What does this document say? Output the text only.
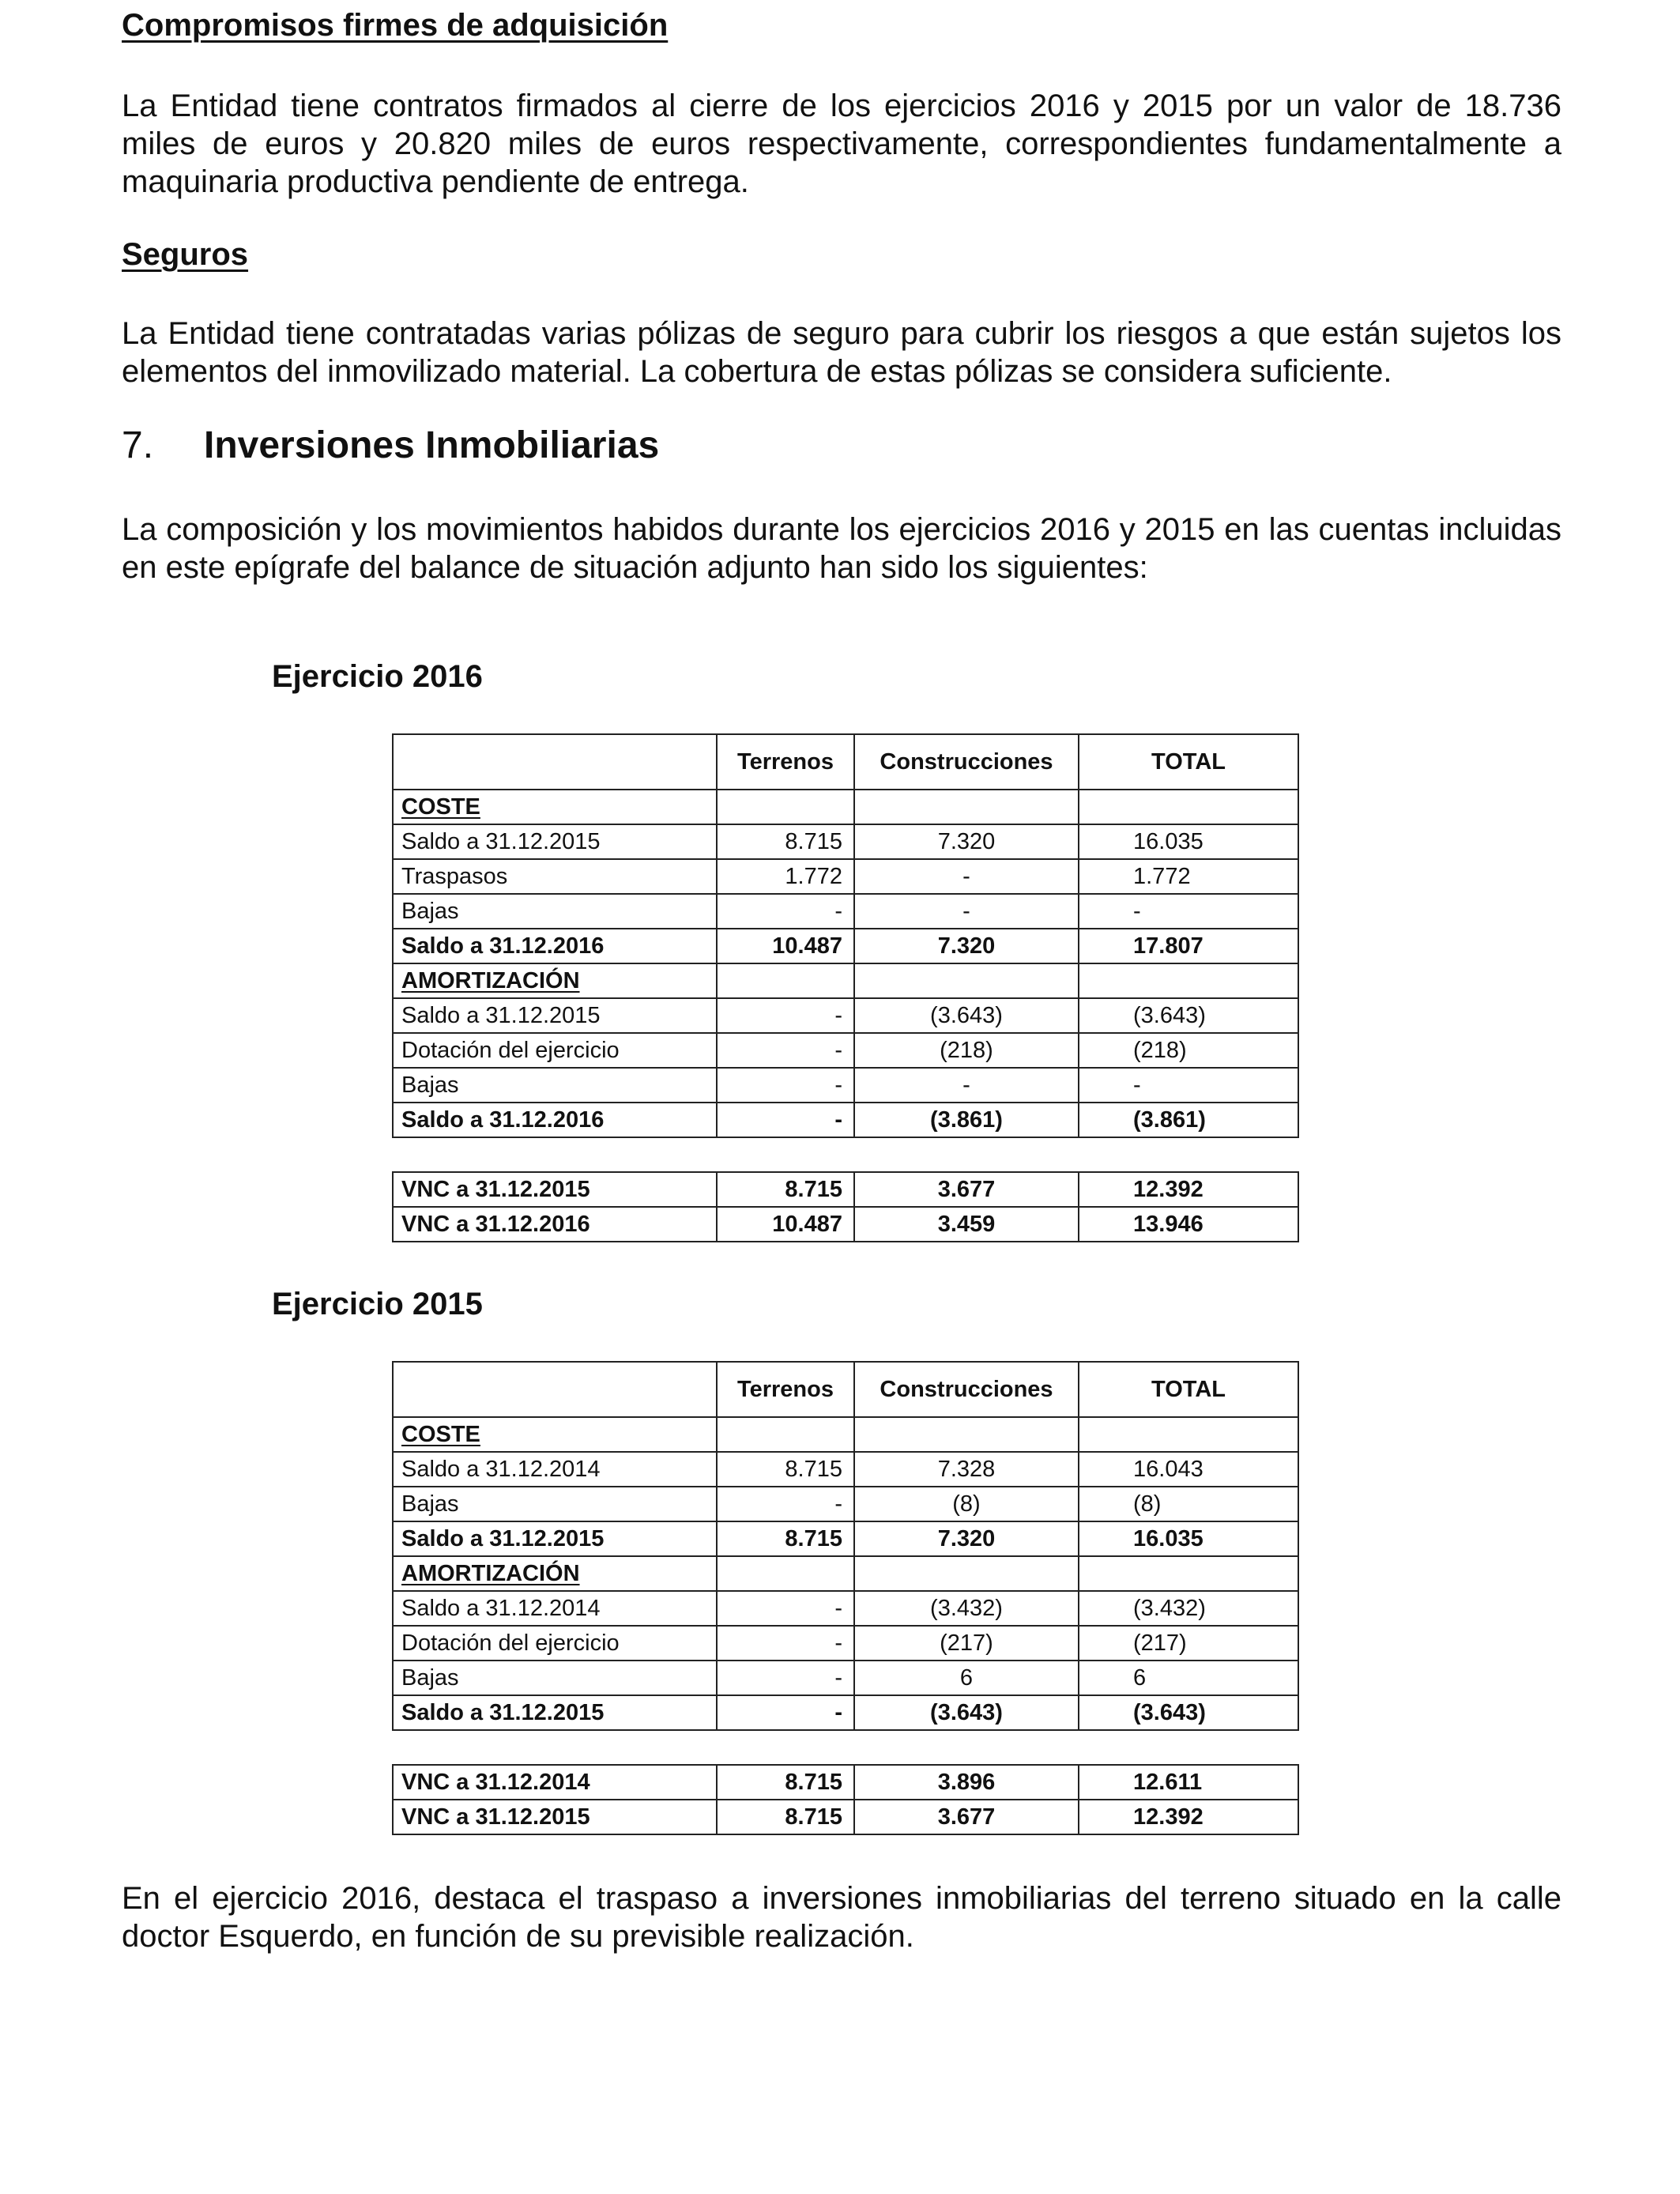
Compromisos firmes de adquisición

La Entidad tiene contratos firmados al cierre de los ejercicios 2016 y 2015 por un valor de 18.736 miles de euros y 20.820 miles de euros respectivamente, correspondientes fundamentalmente a maquinaria productiva pendiente de entrega.

Seguros

La Entidad tiene contratadas varias pólizas de seguro para cubrir los riesgos a que están sujetos los elementos del inmovilizado material. La cobertura de estas pólizas se considera suficiente.

7.	Inversiones Inmobiliarias

La composición y los movimientos habidos durante los ejercicios 2016 y 2015 en las cuentas incluidas en este epígrafe del balance de situación adjunto han sido los siguientes:

Ejercicio 2016
	Terrenos	Construcciones	TOTAL
COSTE			
Saldo a 31.12.2015	8.715	7.320	16.035
Traspasos	1.772	-	1.772
Bajas	-	-	-
Saldo a 31.12.2016	10.487	7.320	17.807
AMORTIZACIÓN			
Saldo a 31.12.2015	-	(3.643)	(3.643)
Dotación del ejercicio	-	(218)	(218)
Bajas	-	-	-
Saldo a 31.12.2016	-	(3.861)	(3.861)

VNC a 31.12.2015	8.715	3.677	12.392
VNC a 31.12.2016	10.487	3.459	13.946
Ejercicio 2015
	Terrenos	Construcciones	TOTAL
COSTE			
Saldo a 31.12.2014	8.715	7.328	16.043
Bajas	-	(8)	(8)
Saldo a 31.12.2015	8.715	7.320	16.035
AMORTIZACIÓN			
Saldo a 31.12.2014	-	(3.432)	(3.432)
Dotación del ejercicio	-	(217)	(217)
Bajas	-	6	6
Saldo a 31.12.2015	-	(3.643)	(3.643)

VNC a 31.12.2014	8.715	3.896	12.611
VNC a 31.12.2015	8.715	3.677	12.392

En el ejercicio 2016, destaca el traspaso a inversiones inmobiliarias del terreno situado en la calle doctor Esquerdo, en función de su previsible realización.
